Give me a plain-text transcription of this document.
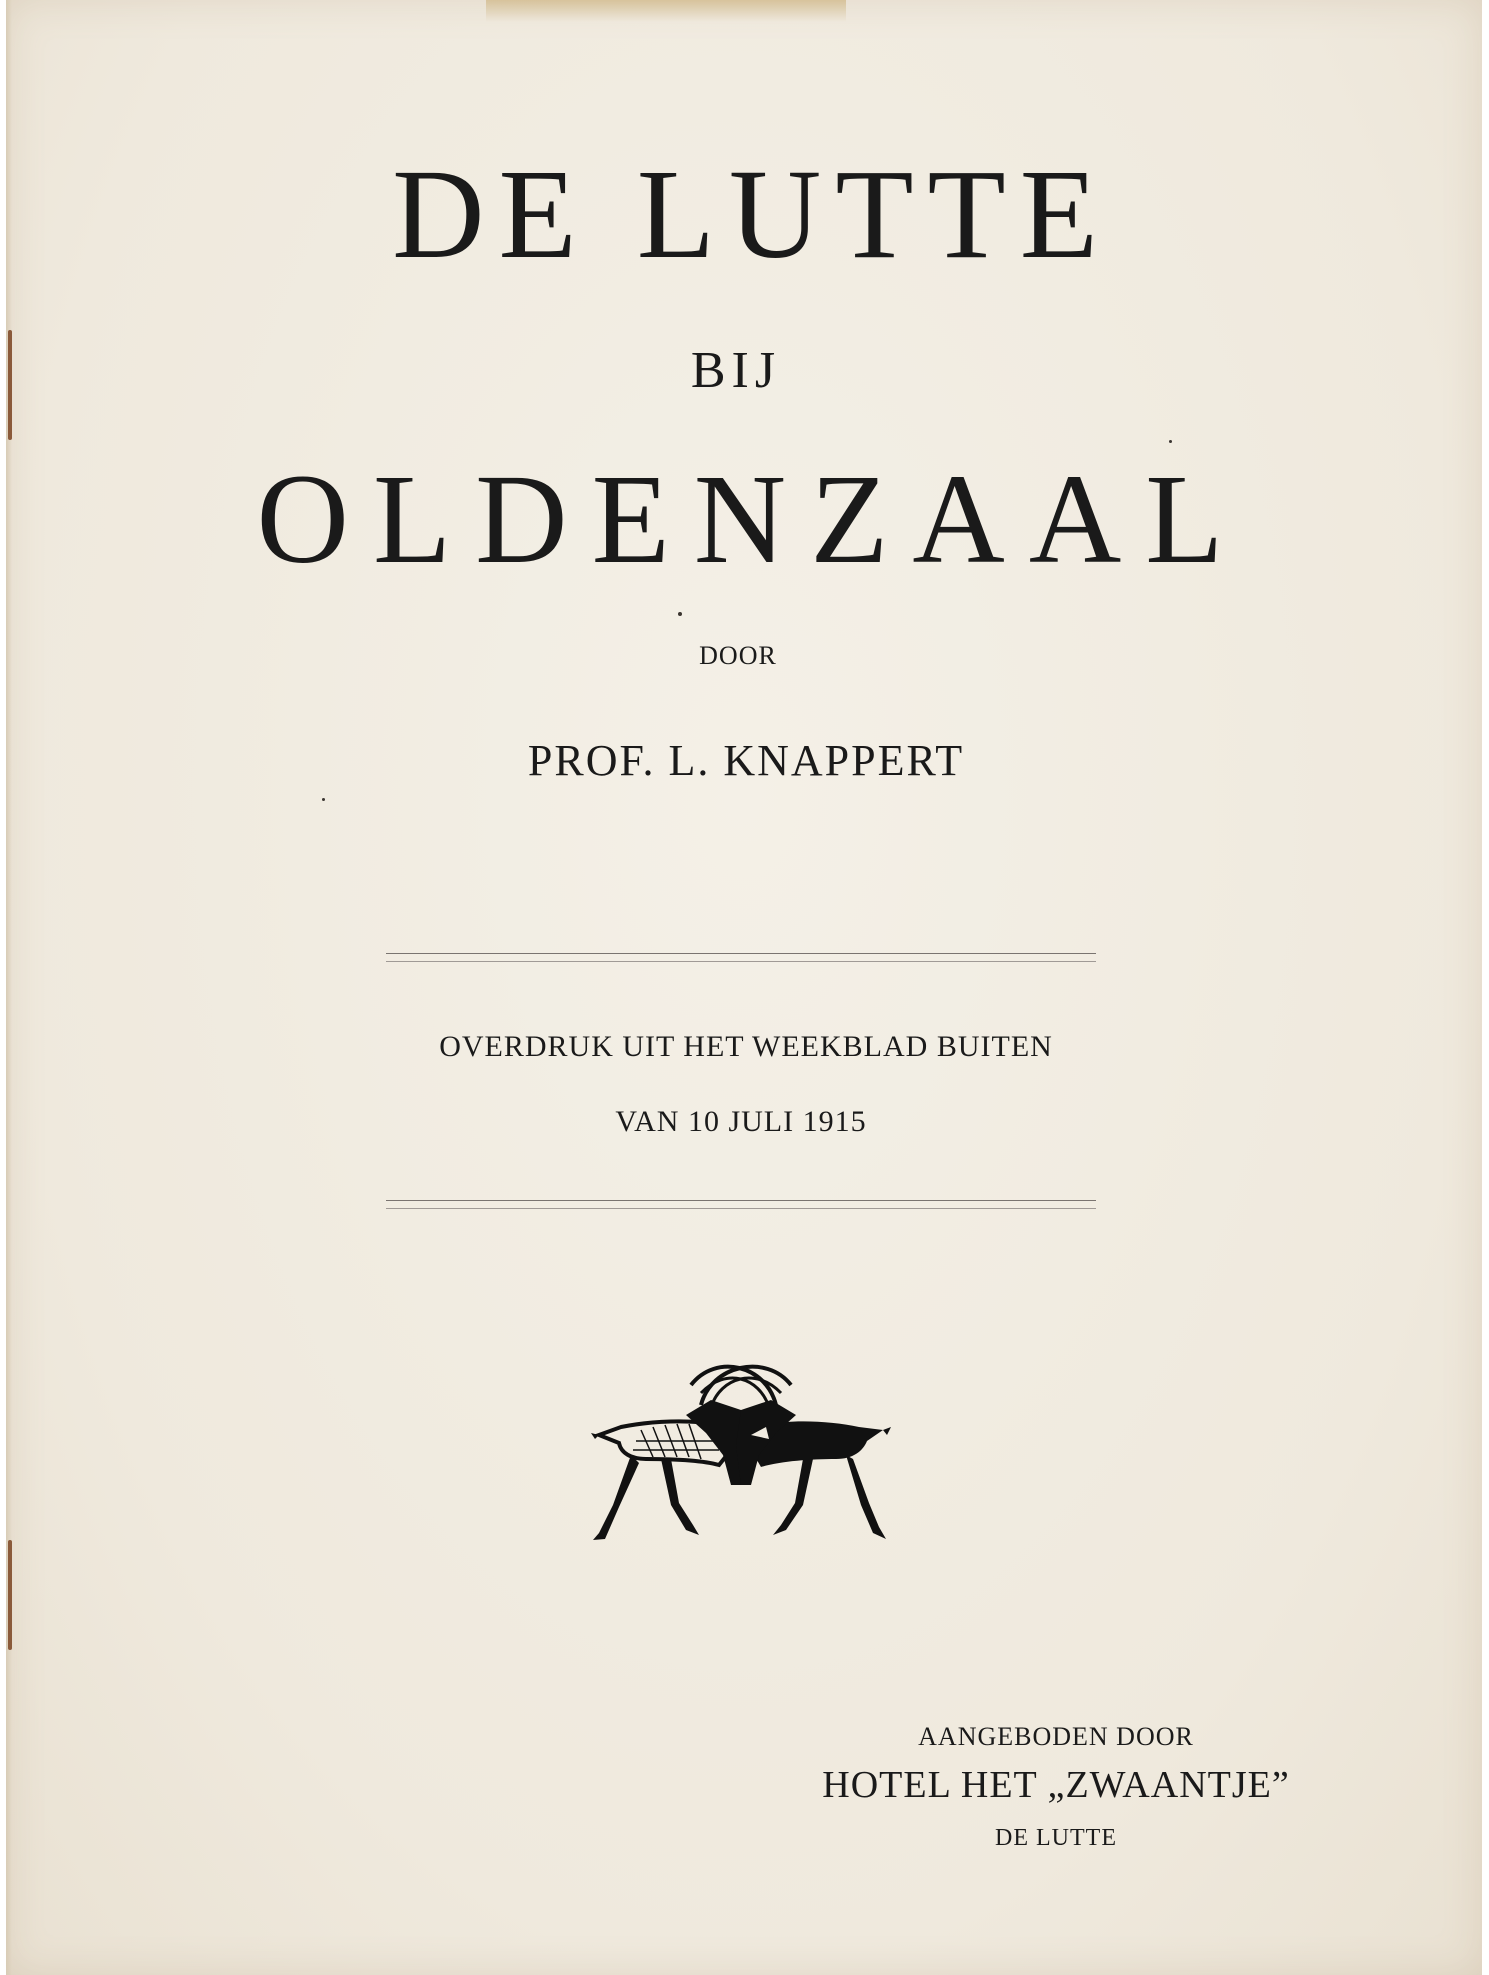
DE LUTTE
BIJ
OLDENZAAL
DOOR
PROF. L. KNAPPERT
OVERDRUK UIT HET WEEKBLAD BUITEN
VAN 10 JULI 1915
AANGEBODEN DOOR
HOTEL HET „ZWAANTJE”
DE LUTTE
